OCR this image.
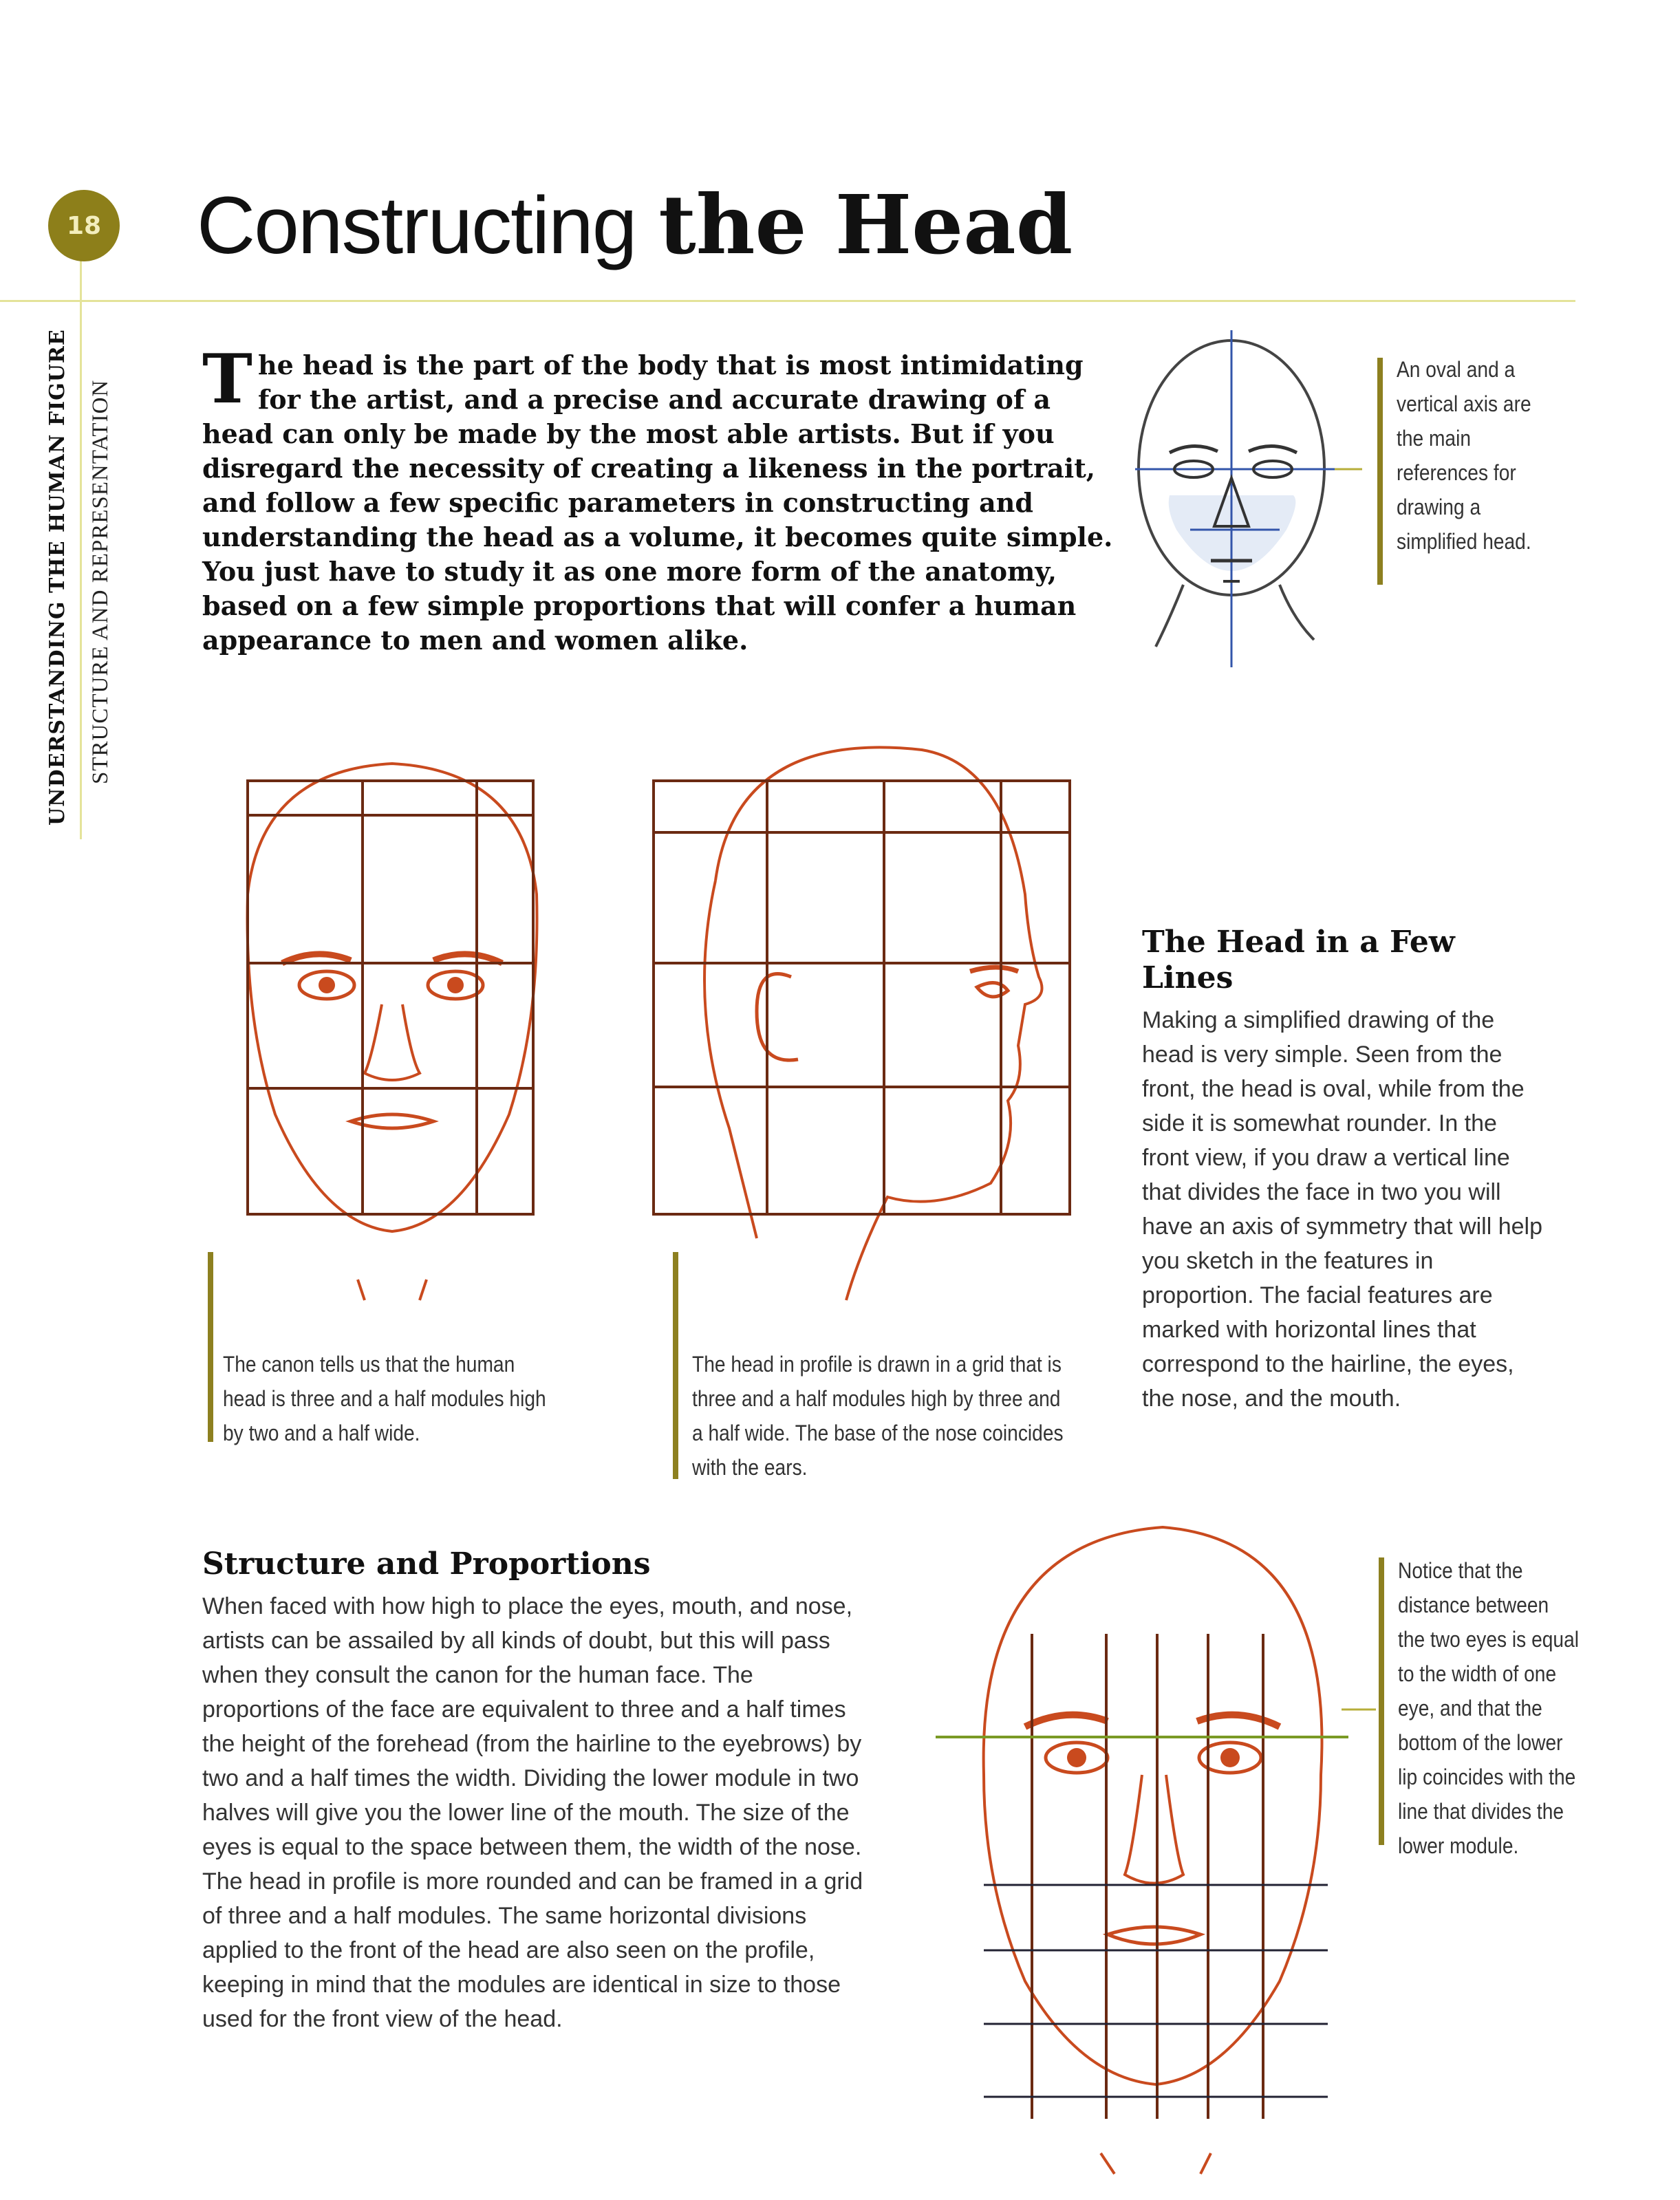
18 Constructing the Head
UNDERSTANDING THE HUMAN FIGURE STRUCTURE AND REPRESENTATION
The head is the part of the body that is most intimidating for the artist, and a precise and accurate drawing of a head can only be made by the most able artists. But if you disregard the necessity of creating a likeness in the portrait, and follow a few specific parameters in constructing and understanding the head as a volume, it becomes quite simple. You just have to study it as one more form of the anatomy, based on a few simple proportions that will confer a human appearance to men and women alike.
An oval and a vertical axis are the main references for drawing a simplified head.
The canon tells us that the human head is three and a half modules high by two and a half wide.
The head in profile is drawn in a grid that is three and a half modules high by three and a half wide. The base of the nose coincides with the ears.
The Head in a Few Lines
Making a simplified drawing of the head is very simple. Seen from the front, the head is oval, while from the side it is somewhat rounder. In the front view, if you draw a vertical line that divides the face in two you will have an axis of symmetry that will help you sketch in the features in proportion. The facial features are marked with horizontal lines that correspond to the hairline, the eyes, the nose, and the mouth.
Structure and Proportions
When faced with how high to place the eyes, mouth, and nose, artists can be assailed by all kinds of doubt, but this will pass when they consult the canon for the human face. The proportions of the face are equivalent to three and a half times the height of the forehead (from the hairline to the eyebrows) by two and a half times the width. Dividing the lower module in two halves will give you the lower line of the mouth. The size of the eyes is equal to the space between them, the width of the nose. The head in profile is more rounded and can be framed in a grid of three and a half modules. The same horizontal divisions applied to the front of the head are also seen on the profile, keeping in mind that the modules are identical in size to those used for the front view of the head.
Notice that the distance between the two eyes is equal to the width of one eye, and that the bottom of the lower lip coincides with the line that divides the lower module.
